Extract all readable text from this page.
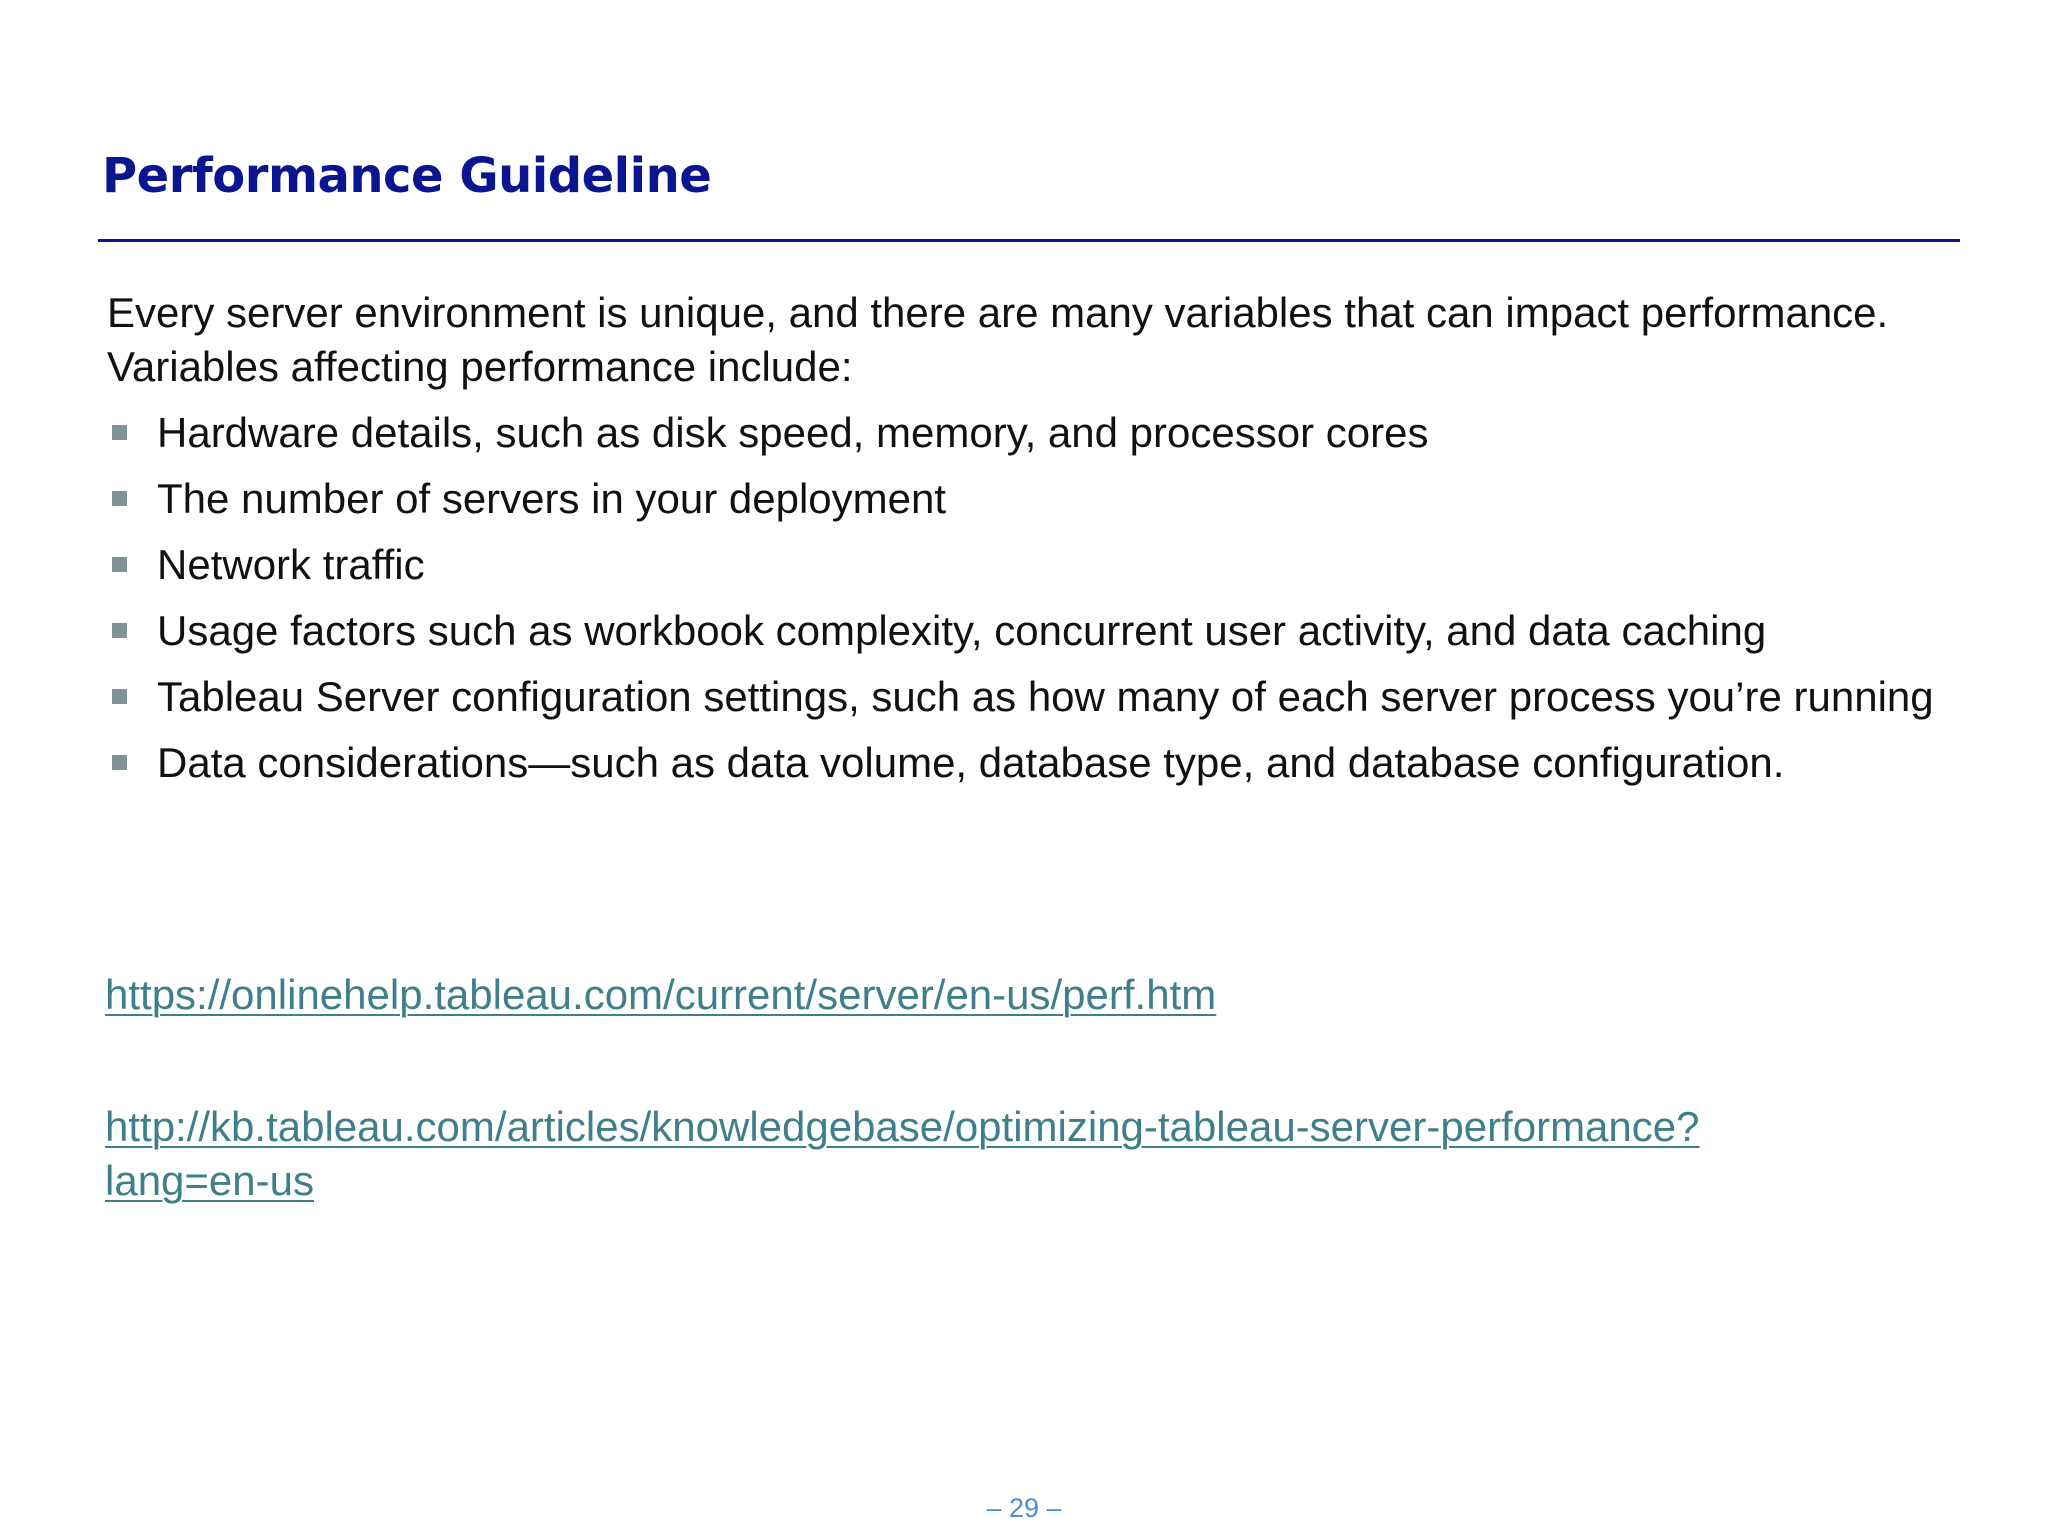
Performance Guideline

Every server environment is unique, and there are many variables that can impact performance. Variables affecting performance include:

Hardware details, such as disk speed, memory, and processor cores
The number of servers in your deployment
Network traffic
Usage factors such as workbook complexity, concurrent user activity, and data caching
Tableau Server configuration settings, such as how many of each server process you’re running
Data considerations—such as data volume, database type, and database configuration.
https://onlinehelp.tableau.com/current/server/en-us/perf.htm
http://kb.tableau.com/articles/knowledgebase/optimizing-tableau-server-performance?lang=en-us
– 29 –
